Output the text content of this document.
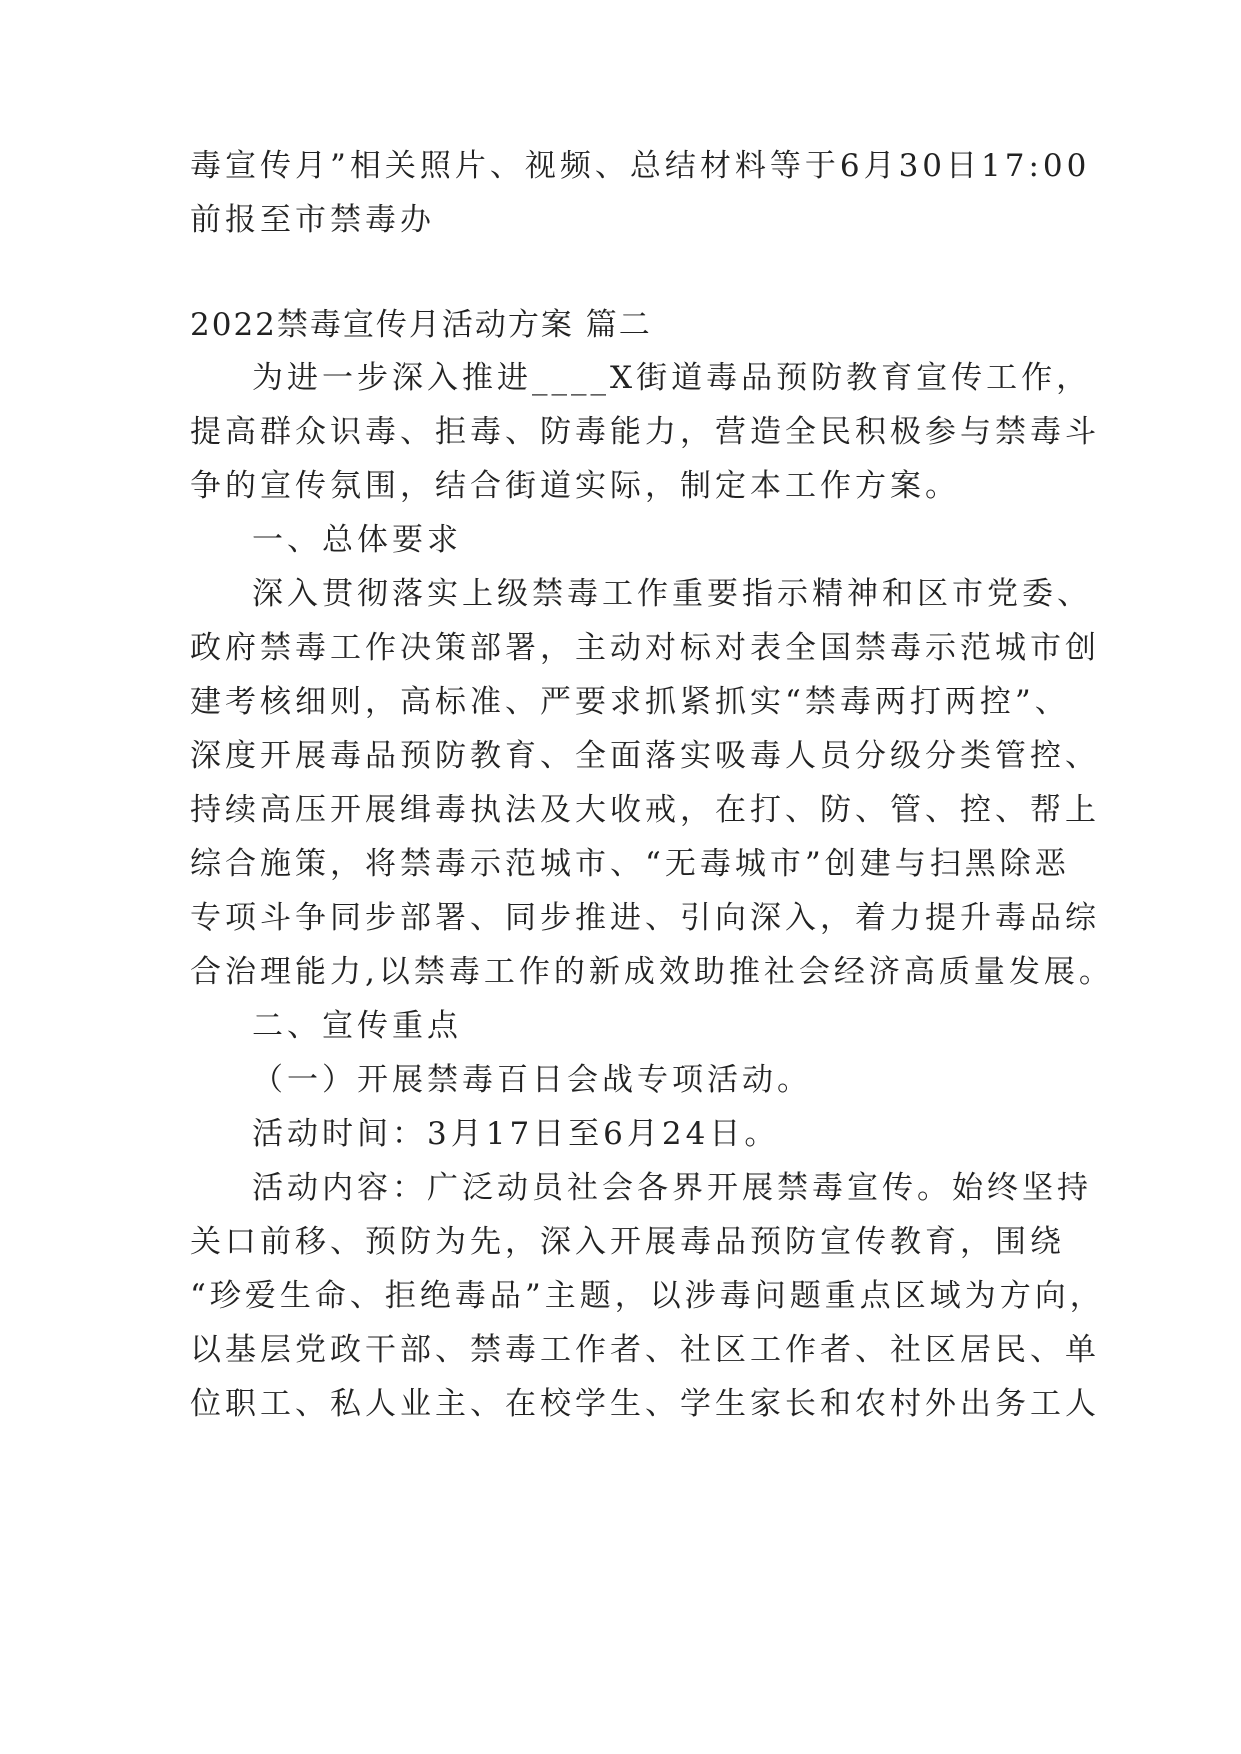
毒宣传月”相关照片、视频、总结材料等于6月30日17:00
前报至市禁毒办
2022禁毒宣传月活动方案 篇二
为进一步深入推进____X街道毒品预防教育宣传工作，
提高群众识毒、拒毒、防毒能力，营造全民积极参与禁毒斗
争的宣传氛围，结合街道实际，制定本工作方案。
一、总体要求
深入贯彻落实上级禁毒工作重要指示精神和区市党委、
政府禁毒工作决策部署，主动对标对表全国禁毒示范城市创
建考核细则，高标准、严要求抓紧抓实“禁毒两打两控”、
深度开展毒品预防教育、全面落实吸毒人员分级分类管控、
持续高压开展缉毒执法及大收戒，在打、防、管、控、帮上
综合施策，将禁毒示范城市、“无毒城市”创建与扫黑除恶
专项斗争同步部署、同步推进、引向深入，着力提升毒品综
合治理能力,以禁毒工作的新成效助推社会经济高质量发展。
二、宣传重点
（一）开展禁毒百日会战专项活动。
活动时间：3月17日至6月24日。
活动内容：广泛动员社会各界开展禁毒宣传。始终坚持
关口前移、预防为先，深入开展毒品预防宣传教育，围绕
“珍爱生命、拒绝毒品”主题，以涉毒问题重点区域为方向，
以基层党政干部、禁毒工作者、社区工作者、社区居民、单
位职工、私人业主、在校学生、学生家长和农村外出务工人
